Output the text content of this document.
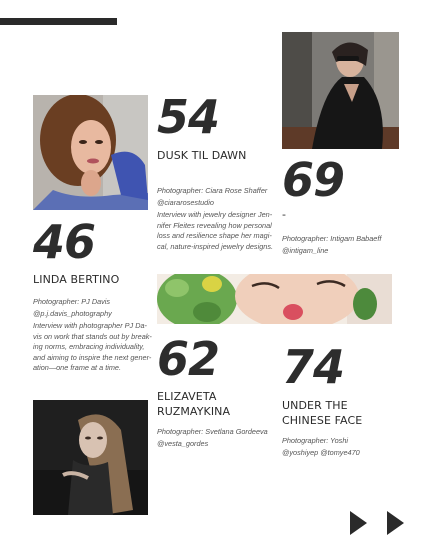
54
DUSK TIL DAWN
Photographer: Ciara Rose Shaffer
@ciararosestudio
Interview with jewelry designer Jen-
nifer Fleites revealing how personal
loss and resilience shape her magi-
cal, nature-inspired jewelry designs.
69
-
Photographer: Intigam Babaeff
@intigam_line
46
LINDA BERTINO
Photographer: PJ Davis
@p.j.davis_photography
Interview with photographer PJ Da-
vis on work that stands out by break-
ing norms, embracing individuality,
and aiming to inspire the next gener-
ation—one frame at a time. 62
ELIZAVETA
RUZMAYKINA
Photographer: Svetlana Gordeeva
@vesta_gordes
74
UNDER THE
CHINESE FACE
Photographer: Yoshi
@yoshiyep @tomye470
